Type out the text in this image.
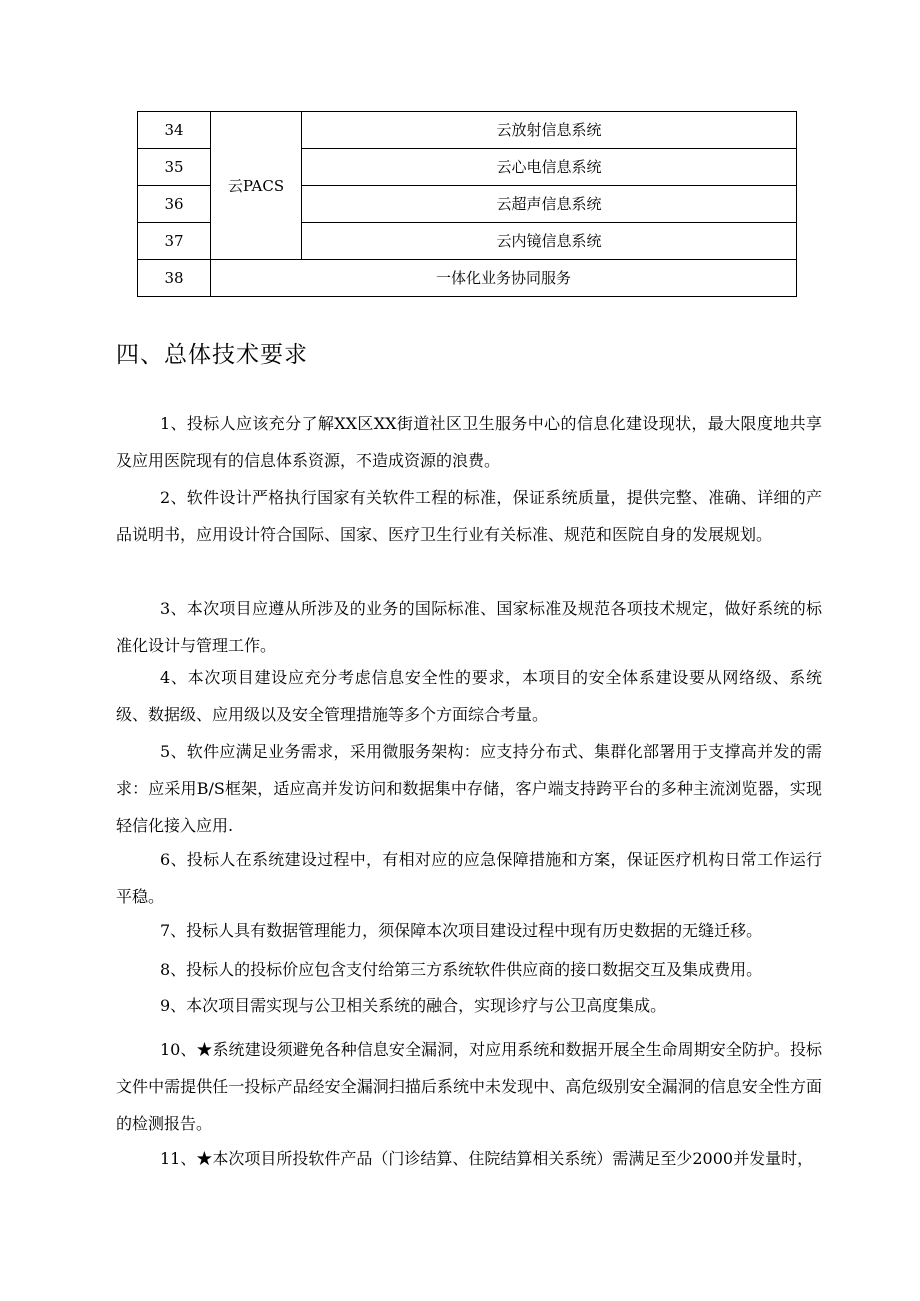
34	云PACS	云放射信息系统
35		云心电信息系统
36		云超声信息系统
37		云内镜信息系统
38	一体化业务协同服务	
四、总体技术要求

1、投标人应该充分了解XX区XX街道社区卫生服务中心的信息化建设现状，最大限度地共享及应用医院现有的信息体系资源，不造成资源的浪费。

2、软件设计严格执行国家有关软件工程的标准，保证系统质量，提供完整、准确、详细的产品说明书，应用设计符合国际、国家、医疗卫生行业有关标准、规范和医院自身的发展规划。

3、本次项目应遵从所涉及的业务的国际标准、国家标准及规范各项技术规定，做好系统的标准化设计与管理工作。

4、本次项目建设应充分考虑信息安全性的要求，本项目的安全体系建设要从网络级、系统级、数据级、应用级以及安全管理措施等多个方面综合考量。

5、软件应满足业务需求，采用微服务架构：应支持分布式、集群化部署用于支撑高并发的需求：应采用B/S框架，适应高并发访问和数据集中存储，客户端支持跨平台的多种主流浏览器，实现轻信化接入应用.

6、投标人在系统建设过程中，有相对应的应急保障措施和方案，保证医疗机构日常工作运行平稳。

7、投标人具有数据管理能力，须保障本次项目建设过程中现有历史数据的无缝迁移。

8、投标人的投标价应包含支付给第三方系统软件供应商的接口数据交互及集成费用。

9、本次项目需实现与公卫相关系统的融合，实现诊疗与公卫高度集成。

10、★系统建设须避免各种信息安全漏洞，对应用系统和数据开展全生命周期安全防护。投标文件中需提供任一投标产品经安全漏洞扫描后系统中未发现中、高危级别安全漏洞的信息安全性方面的检测报告。

11、★本次项目所投软件产品（门诊结算、住院结算相关系统）需满足至少2000并发量时，
